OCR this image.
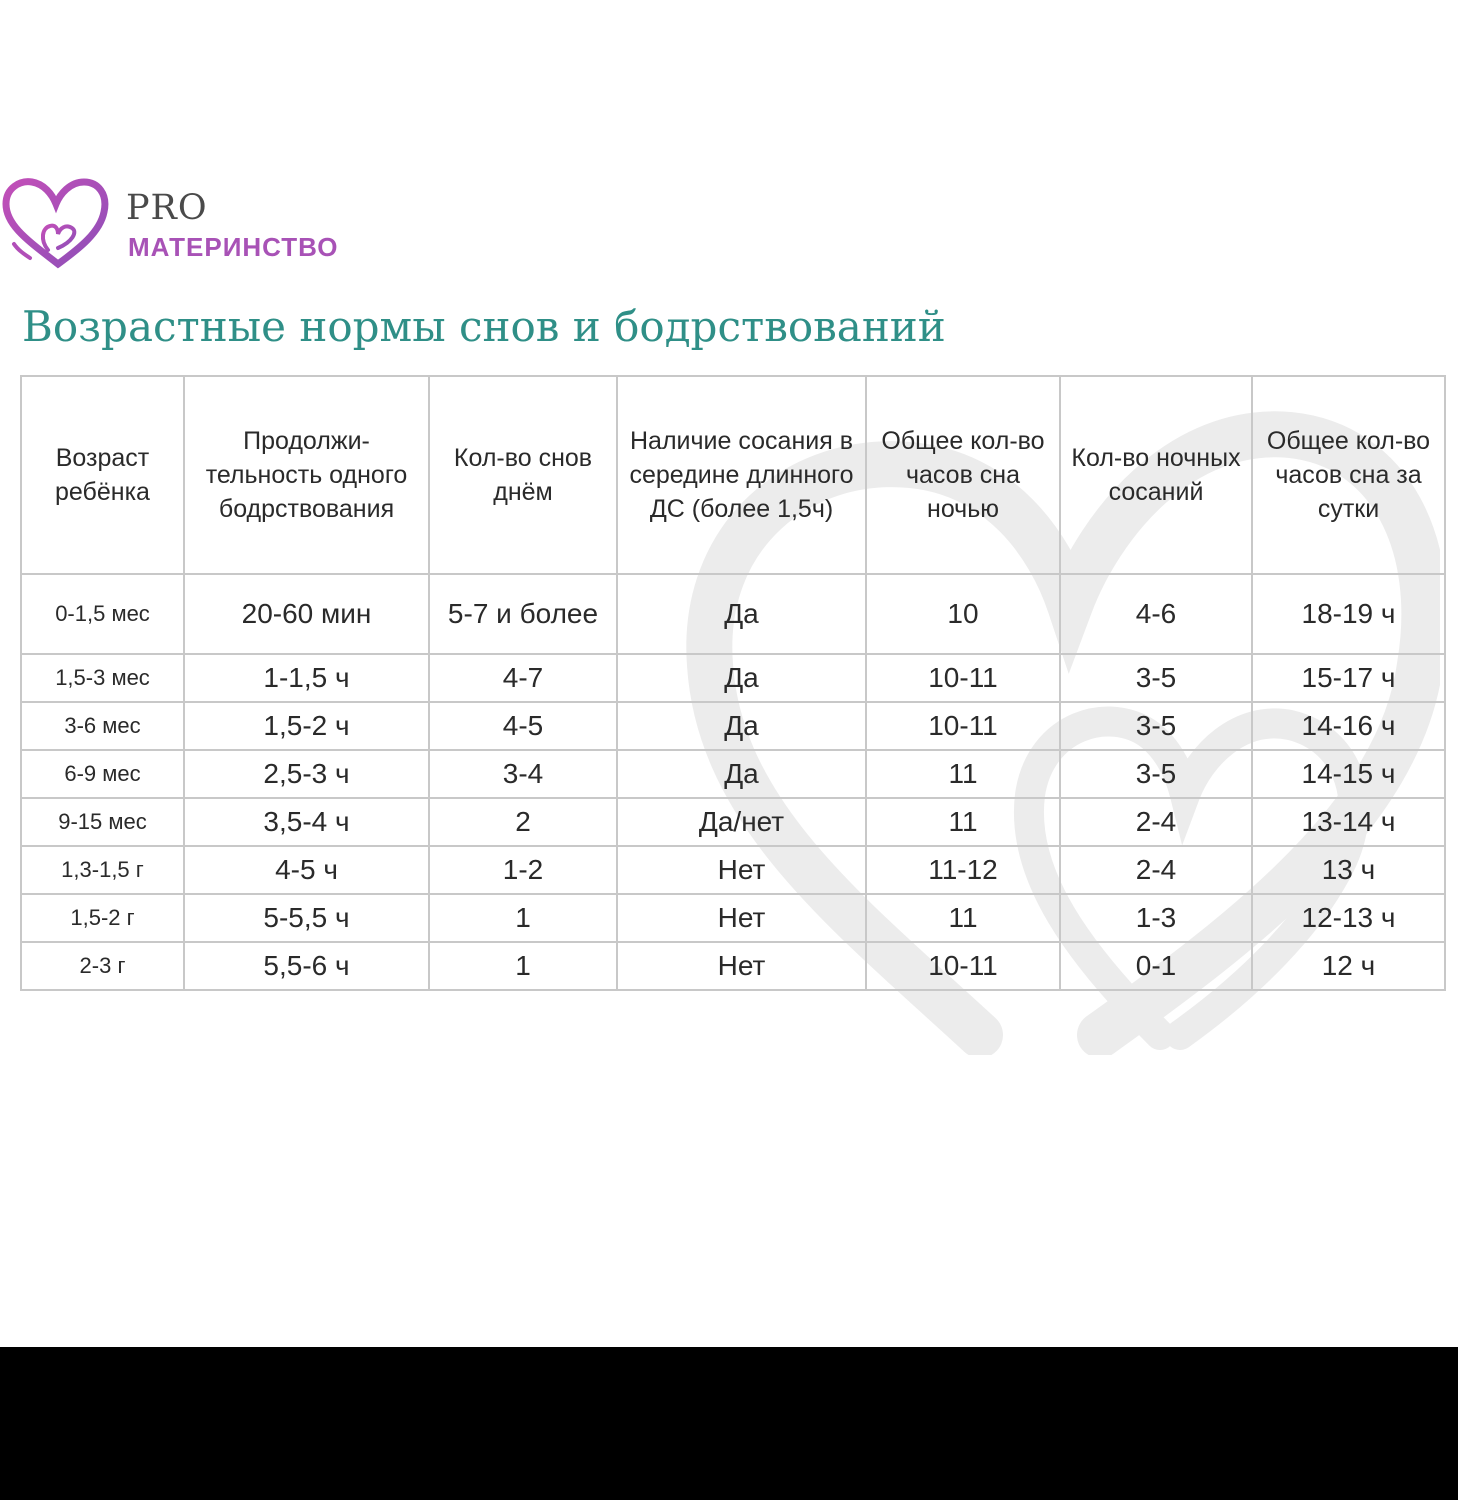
PRO
МАТЕРИНСТВО
Возрастные нормы снов и бодрствований
Возраст ребёнка	Продолжи-тельность одного бодрствования	Кол-во снов днём	Наличие сосания в середине длинного ДС (более 1,5ч)	Общее кол-во часов сна ночью	Кол-во ночных сосаний	Общее кол-во часов сна за сутки
0-1,5 мес	20-60 мин	5-7 и более	Да	10	4-6	18-19 ч
1,5-3 мес	1-1,5 ч	4-7	Да	10-11	3-5	15-17 ч
3-6 мес	1,5-2 ч	4-5	Да	10-11	3-5	14-16 ч
6-9 мес	2,5-3 ч	3-4	Да	11	3-5	14-15 ч
9-15 мес	3,5-4 ч	2	Да/нет	11	2-4	13-14 ч
1,3-1,5 г	4-5 ч	1-2	Нет	11-12	2-4	13 ч
1,5-2 г	5-5,5 ч	1	Нет	11	1-3	12-13 ч
2-3 г	5,5-6 ч	1	Нет	10-11	0-1	12 ч
